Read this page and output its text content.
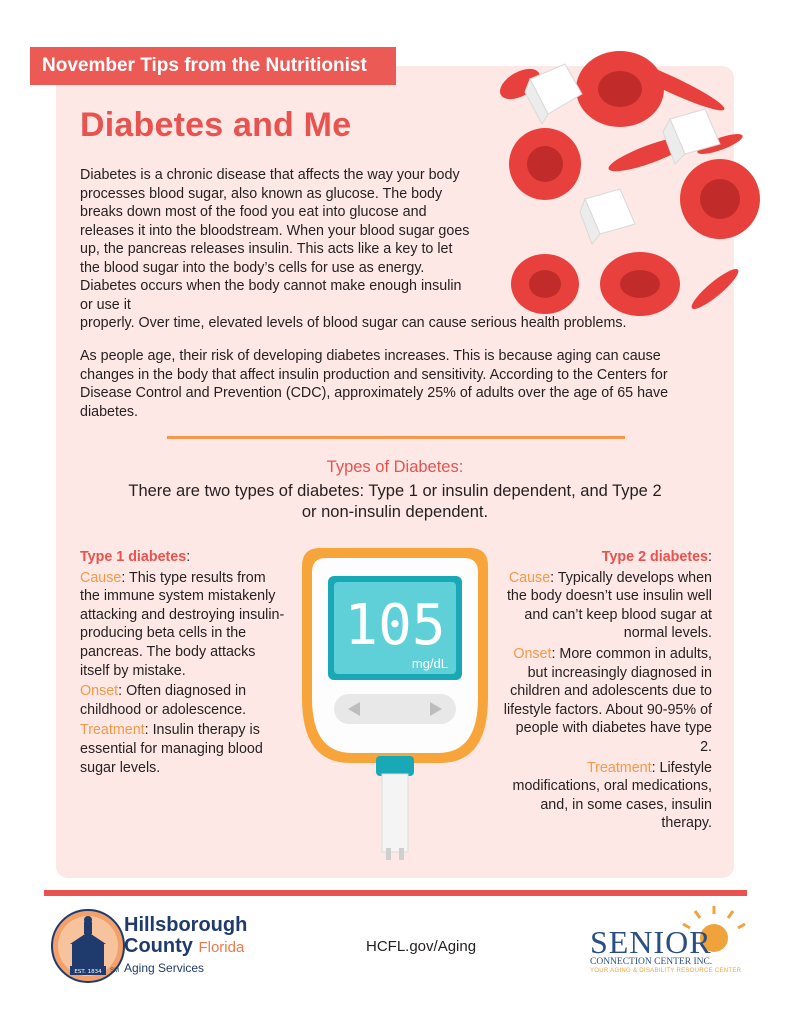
November Tips from the Nutritionist
Diabetes and Me
Diabetes is a chronic disease that affects the way your body processes blood sugar, also known as glucose. The body breaks down most of the food you eat into glucose and releases it into the bloodstream. When your blood sugar goes up, the pancreas releases insulin. This acts like a key to let the blood sugar into the body’s cells for use as energy. Diabetes occurs when the body cannot make enough insulin or use it
properly. Over time, elevated levels of blood sugar can cause serious health problems.
As people age, their risk of developing diabetes increases. This is because aging can cause changes in the body that affect insulin production and sensitivity. According to the Centers for Disease Control and Prevention (CDC), approximately 25% of adults over the age of 65 have diabetes.
Types of Diabetes:
There are two types of diabetes: Type 1 or insulin dependent, and Type 2 or non-insulin dependent.

Type 1 diabetes:

Cause: This type results from the immune system mistakenly attacking and destroying insulin-producing beta cells in the pancreas. The body attacks itself by mistake.

Onset: Often diagnosed in childhood or adolescence.

Treatment: Insulin therapy is essential for managing blood sugar levels.

105
mg/dL

Type 2 diabetes:

Cause: Typically develops when the body doesn’t use insulin well and can’t keep blood sugar at normal levels.

Onset: More common in adults, but increasingly diagnosed in children and adolescents due to lifestyle factors. About 90-95% of people with diabetes have type 2.

Treatment: Lifestyle modifications, oral medications, and, in some cases, insulin therapy.

EST. 1834
Hillsborough
County Florida
Aging Services
SM
HCFL.gov/Aging	SENIOR
CONNECTION CENTER INC.
YOUR AGING & DISABILITY RESOURCE CENTER
